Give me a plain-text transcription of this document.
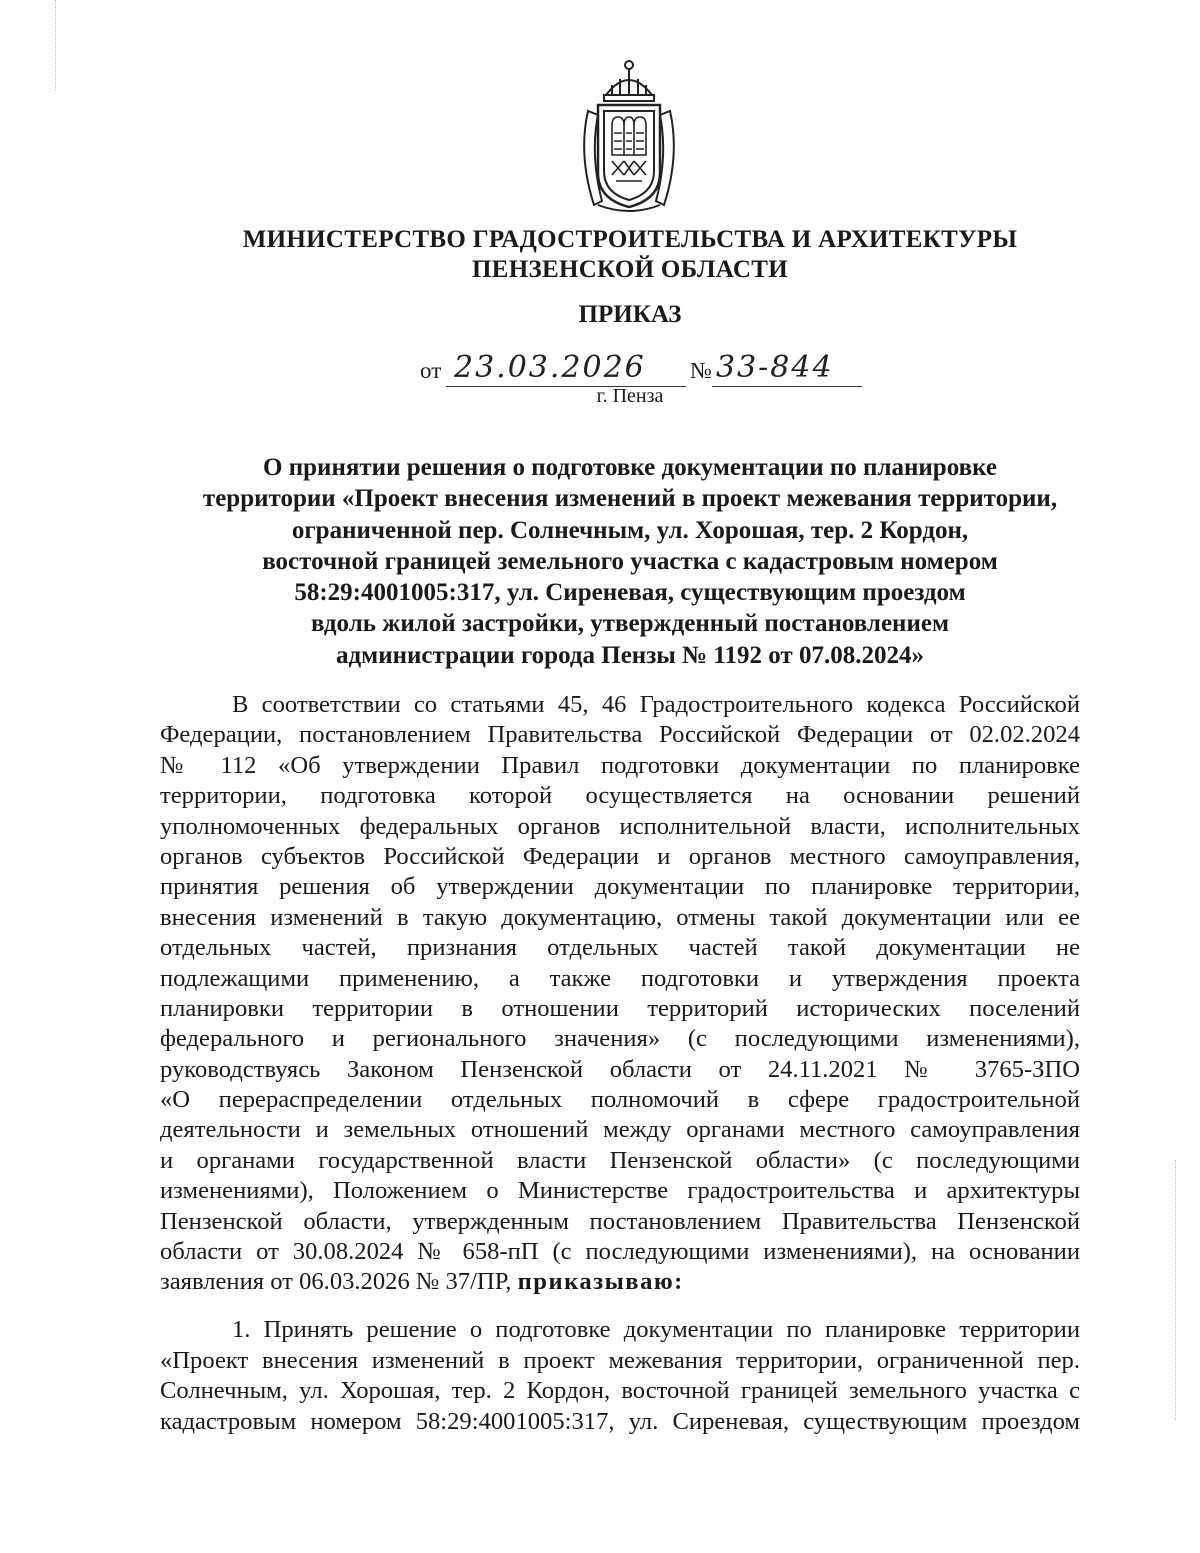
МИНИСТЕРСТВО ГРАДОСТРОИТЕЛЬСТВА И АРХИТЕКТУРЫ
ПЕНЗЕНСКОЙ ОБЛАСТИ
ПРИКАЗ
от 23.03.2026 № 33-844
г. Пенза
О принятии решения о подготовке документации по планировке
территории «Проект внесения изменений в проект межевания территории,
ограниченной пер. Солнечным, ул. Хорошая, тер. 2 Кордон,
восточной границей земельного участка с кадастровым номером
58:29:4001005:317, ул. Сиреневая, существующим проездом
вдоль жилой застройки, утвержденный постановлением
администрации города Пензы № 1192 от 07.08.2024»
В соответствии со статьями 45, 46 Градостроительного кодекса Российской
Федерации, постановлением Правительства Российской Федерации от 02.02.2024
№ 112 «Об утверждении Правил подготовки документации по планировке
территории, подготовка которой осуществляется на основании решений
уполномоченных федеральных органов исполнительной власти, исполнительных
органов субъектов Российской Федерации и органов местного самоуправления,
принятия решения об утверждении документации по планировке территории,
внесения изменений в такую документацию, отмены такой документации или ее
отдельных частей, признания отдельных частей такой документации не
подлежащими применению, а также подготовки и утверждения проекта
планировки территории в отношении территорий исторических поселений
федерального и регионального значения» (с последующими изменениями),
руководствуясь Законом Пензенской области от 24.11.2021 № 3765-ЗПО
«О перераспределении отдельных полномочий в сфере градостроительной
деятельности и земельных отношений между органами местного самоуправления
и органами государственной власти Пензенской области» (с последующими
изменениями), Положением о Министерстве градостроительства и архитектуры
Пензенской области, утвержденным постановлением Правительства Пензенской
области от 30.08.2024 № 658-пП (с последующими изменениями), на основании
заявления от 06.03.2026 № 37/ПР, приказываю:
1. Принять решение о подготовке документации по планировке территории
«Проект внесения изменений в проект межевания территории, ограниченной пер.
Солнечным, ул. Хорошая, тер. 2 Кордон, восточной границей земельного участка с
кадастровым номером 58:29:4001005:317, ул. Сиреневая, существующим проездом
